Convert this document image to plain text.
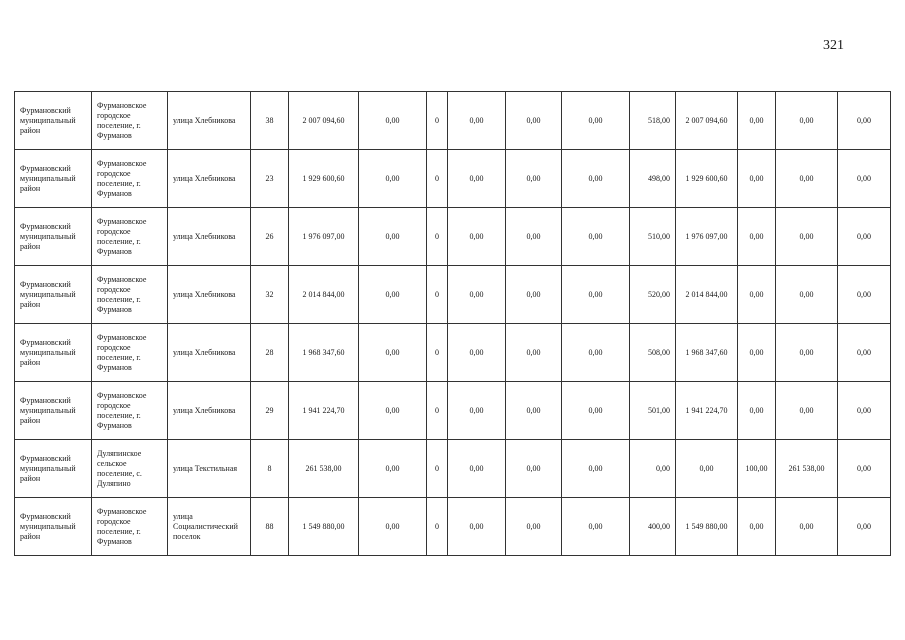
321
Фурмановский муниципальный район	Фурмановское городское поселение, г. Фурманов	улица Хлебникова	38	2 007 094,60	0,00	0	0,00	0,00	0,00	518,00	2 007 094,60	0,00	0,00	0,00
Фурмановский муниципальный район	Фурмановское городское поселение, г. Фурманов	улица Хлебникова	23	1 929 600,60	0,00	0	0,00	0,00	0,00	498,00	1 929 600,60	0,00	0,00	0,00
Фурмановский муниципальный район	Фурмановское городское поселение, г. Фурманов	улица Хлебникова	26	1 976 097,00	0,00	0	0,00	0,00	0,00	510,00	1 976 097,00	0,00	0,00	0,00
Фурмановский муниципальный район	Фурмановское городское поселение, г. Фурманов	улица Хлебникова	32	2 014 844,00	0,00	0	0,00	0,00	0,00	520,00	2 014 844,00	0,00	0,00	0,00
Фурмановский муниципальный район	Фурмановское городское поселение, г. Фурманов	улица Хлебникова	28	1 968 347,60	0,00	0	0,00	0,00	0,00	508,00	1 968 347,60	0,00	0,00	0,00
Фурмановский муниципальный район	Фурмановское городское поселение, г. Фурманов	улица Хлебникова	29	1 941 224,70	0,00	0	0,00	0,00	0,00	501,00	1 941 224,70	0,00	0,00	0,00
Фурмановский муниципальный район	Дуляпинское сельское поселение, с. Дуляпино	улица Текстильная	8	261 538,00	0,00	0	0,00	0,00	0,00	0,00	0,00	100,00	261 538,00	0,00
Фурмановский муниципальный район	Фурмановское городское поселение, г. Фурманов	улица Социалистический поселок	88	1 549 880,00	0,00	0	0,00	0,00	0,00	400,00	1 549 880,00	0,00	0,00	0,00
